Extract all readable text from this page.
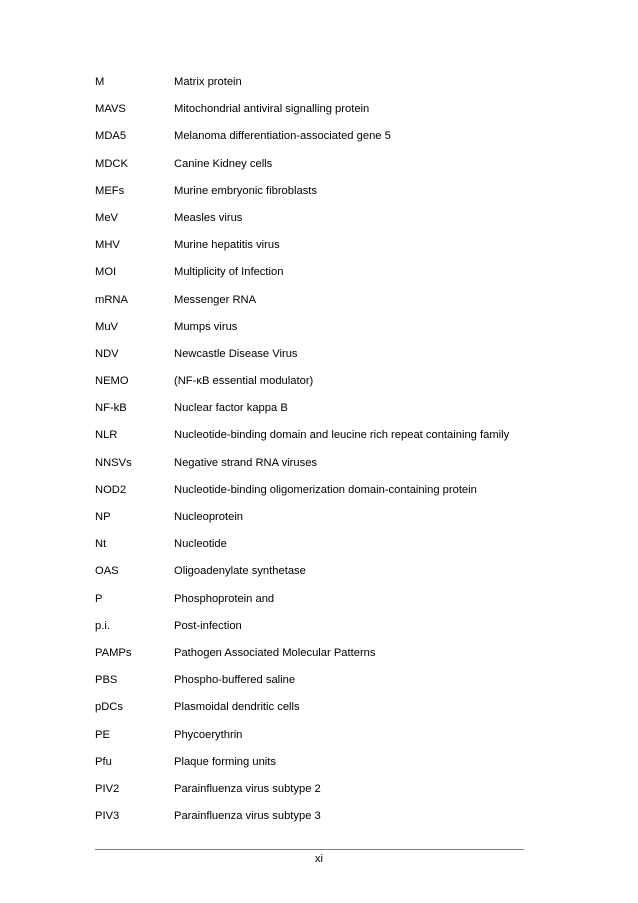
M	Matrix protein
MAVS	Mitochondrial antiviral signalling protein
MDA5	Melanoma differentiation-associated gene 5
MDCK	Canine Kidney cells
MEFs	Murine embryonic fibroblasts
MeV	Measles virus
MHV	Murine hepatitis virus
MOI	Multiplicity of Infection
mRNA	Messenger RNA
MuV	Mumps virus
NDV	Newcastle Disease Virus
NEMO	(NF-κB essential modulator)
NF-kB	Nuclear factor kappa B
NLR	Nucleotide-binding domain and leucine rich repeat containing family
NNSVs	Negative strand RNA viruses
NOD2	Nucleotide-binding oligomerization domain-containing protein
NP	Nucleoprotein
Nt	Nucleotide
OAS	Oligoadenylate synthetase
P	Phosphoprotein and
p.i.	Post-infection
PAMPs	Pathogen Associated Molecular Patterns
PBS	Phospho-buffered saline
pDCs	Plasmoidal dendritic cells
PE	Phycoerythrin
Pfu	Plaque forming units
PIV2	Parainfluenza virus subtype 2
PIV3	Parainfluenza virus subtype 3
xi
